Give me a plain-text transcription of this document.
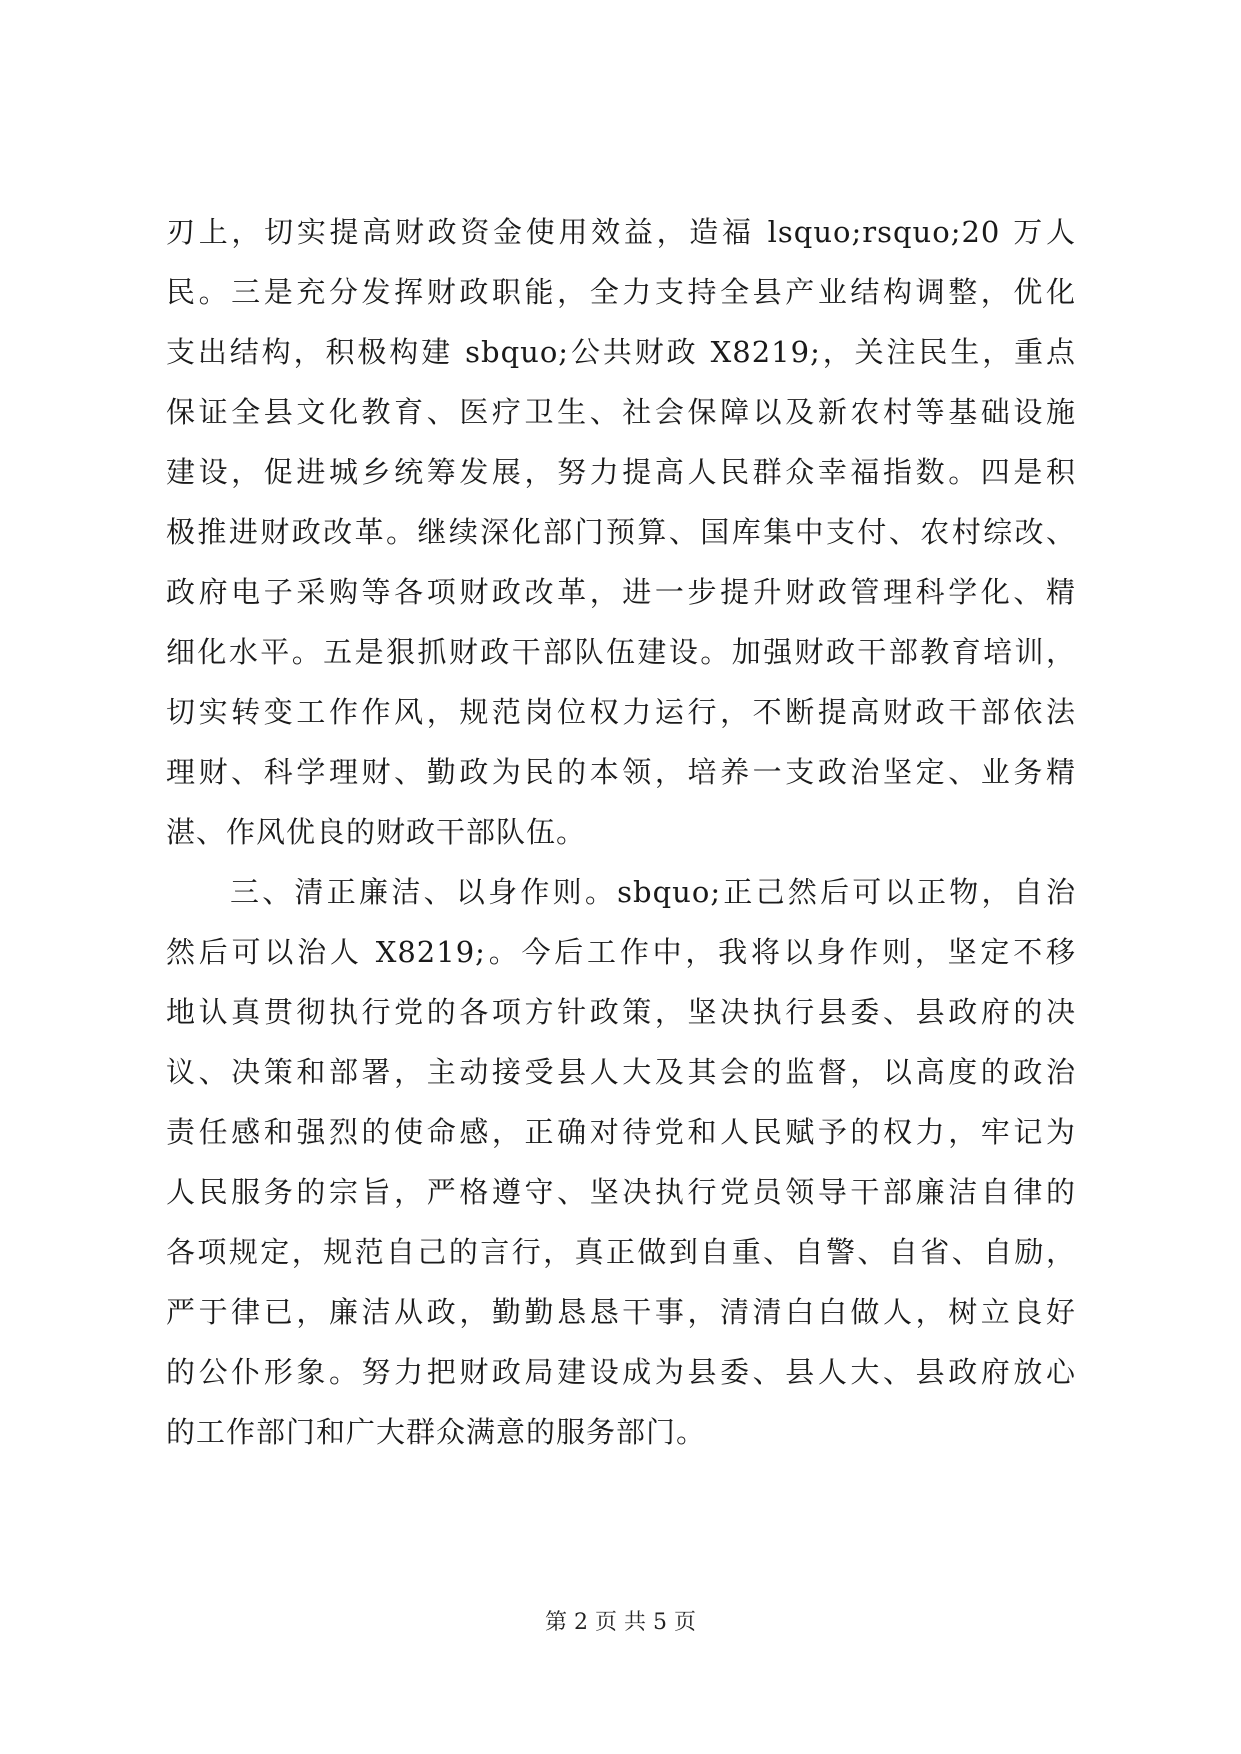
刃上，切实提高财政资金使用效益，造福 lsquo;rsquo;20 万人
民。三是充分发挥财政职能，全力支持全县产业结构调整，优化
支出结构，积极构建 sbquo;公共财政 X8219;，关注民生，重点
保证全县文化教育、医疗卫生、社会保障以及新农村等基础设施
建设，促进城乡统筹发展，努力提高人民群众幸福指数。四是积
极推进财政改革。继续深化部门预算、国库集中支付、农村综改、
政府电子采购等各项财政改革，进一步提升财政管理科学化、精
细化水平。五是狠抓财政干部队伍建设。加强财政干部教育培训，
切实转变工作作风，规范岗位权力运行，不断提高财政干部依法
理财、科学理财、勤政为民的本领，培养一支政治坚定、业务精
湛、作风优良的财政干部队伍。
三、清正廉洁、以身作则。sbquo;正己然后可以正物，自治
然后可以治人 X8219;。今后工作中，我将以身作则，坚定不移
地认真贯彻执行党的各项方针政策，坚决执行县委、县政府的决
议、决策和部署，主动接受县人大及其会的监督，以高度的政治
责任感和强烈的使命感，正确对待党和人民赋予的权力，牢记为
人民服务的宗旨，严格遵守、坚决执行党员领导干部廉洁自律的
各项规定，规范自己的言行，真正做到自重、自警、自省、自励，
严于律已，廉洁从政，勤勤恳恳干事，清清白白做人，树立良好
的公仆形象。努力把财政局建设成为县委、县人大、县政府放心
的工作部门和广大群众满意的服务部门。
第 2 页 共 5 页
